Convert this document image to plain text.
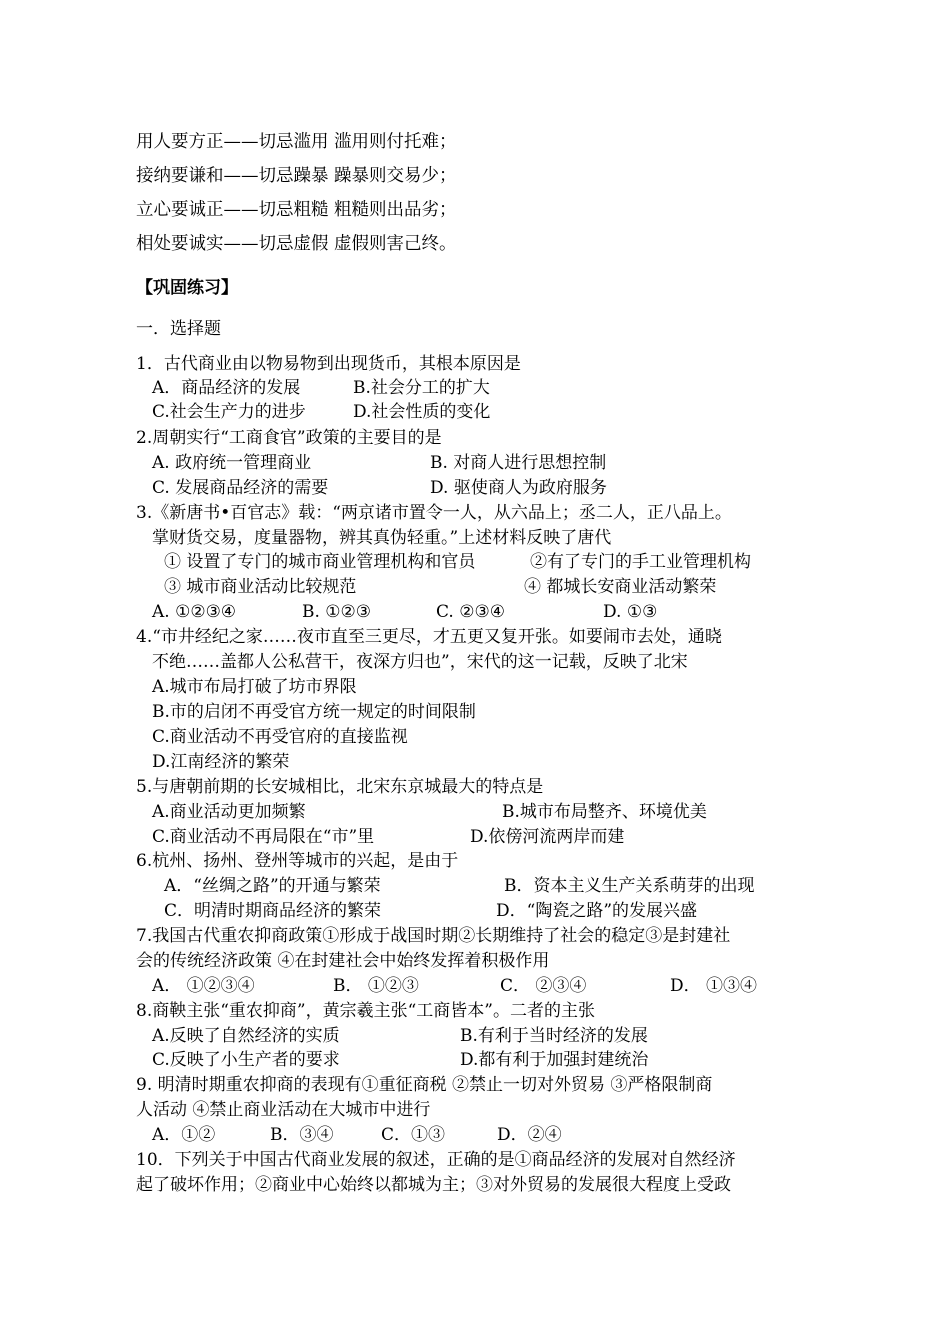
用人要方正——切忌滥用 滥用则付托难；
接纳要谦和——切忌躁暴 躁暴则交易少；
立心要诚正——切忌粗糙 粗糙则出品劣；
相处要诚实——切忌虚假 虚假则害己终。
【巩固练习】
一．选择题
1．古代商业由以物易物到出现货币，其根本原因是
A．商品经济的发展	B.社会分工的扩大
C.社会生产力的进步	D.社会性质的变化
2.周朝实行“工商食官”政策的主要目的是
A. 政府统一管理商业	B. 对商人进行思想控制
C. 发展商品经济的需要	D. 驱使商人为政府服务
3.《新唐书•百官志》载：“两京诸市置令一人，从六品上；丞二人，正八品上。
掌财货交易，度量器物，辨其真伪轻重。”上述材料反映了唐代
① 设置了专门的城市商业管理机构和官员	②有了专门的手工业管理机构
③ 城市商业活动比较规范	④ 都城长安商业活动繁荣
A. ①②③④	B. ①②③	C. ②③④	D. ①③
4.“市井经纪之家……夜市直至三更尽，才五更又复开张。如要闹市去处，通晓
不绝……盖都人公私营干，夜深方归也”，宋代的这一记载，反映了北宋
A.城市布局打破了坊市界限
B.市的启闭不再受官方统一规定的时间限制
C.商业活动不再受官府的直接监视
D.江南经济的繁荣
5.与唐朝前期的长安城相比，北宋东京城最大的特点是
A.商业活动更加频繁	B.城市布局整齐、环境优美
C.商业活动不再局限在“市”里	D.依傍河流两岸而建
6.杭州、扬州、登州等城市的兴起，是由于
A．“丝绸之路”的开通与繁荣	B．资本主义生产关系萌芽的出现
C．明清时期商品经济的繁荣	D．“陶瓷之路”的发展兴盛
7.我国古代重农抑商政策①形成于战国时期②长期维持了社会的稳定③是封建社
会的传统经济政策 ④在封建社会中始终发挥着积极作用
A． ①②③④	B． ①②③	C． ②③④	D． ①③④
8.商鞅主张“重农抑商”，黄宗羲主张“工商皆本”。二者的主张
A.反映了自然经济的实质	B.有利于当时经济的发展
C.反映了小生产者的要求	D.都有利于加强封建统治
9. 明清时期重农抑商的表现有①重征商税 ②禁止一切对外贸易 ③严格限制商
人活动 ④禁止商业活动在大城市中进行
A．①②	B．③④	C．①③	D．②④
10．下列关于中国古代商业发展的叙述，正确的是①商品经济的发展对自然经济
起了破坏作用；②商业中心始终以都城为主；③对外贸易的发展很大程度上受政
